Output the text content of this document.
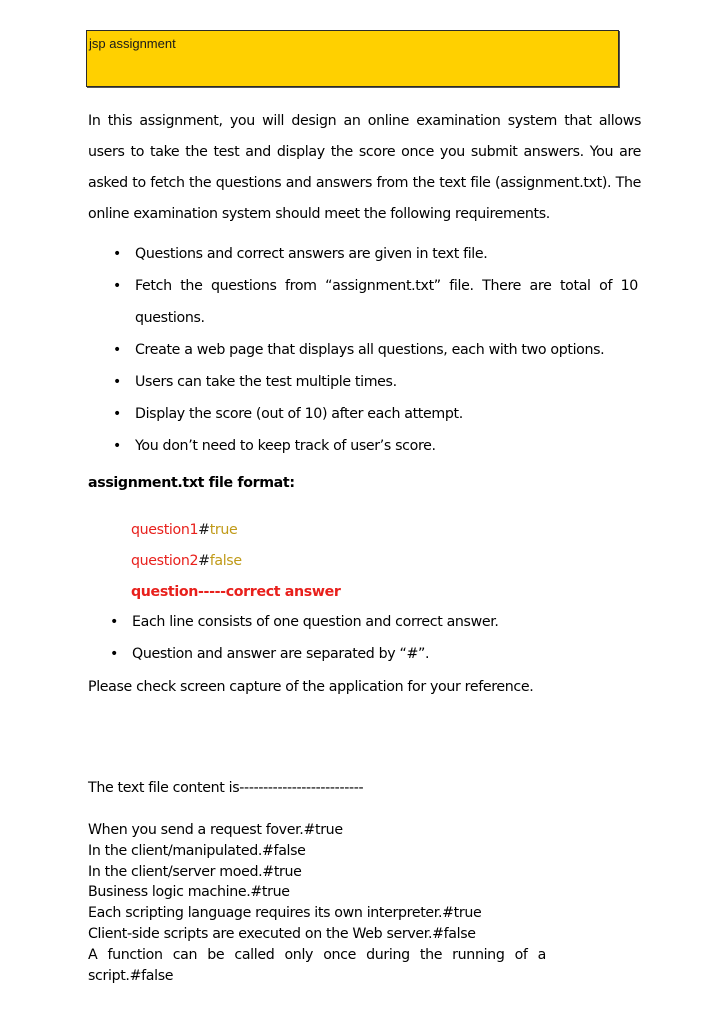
jsp assignment

In this assignment, you will design an online examination system that allows users to take the test and display the score once you submit answers. You are asked to fetch the questions and answers from the text file (assignment.txt). The online examination system should meet the following requirements.

• Questions and correct answers are given in text file.
• Fetch the questions from “assignment.txt” file. There are total of 10 questions.
• Create a web page that displays all questions, each with two options.
• Users can take the test multiple times.
• Display the score (out of 10) after each attempt.
• You don’t need to keep track of user’s score.
assignment.txt file format:
question1#true
question2#false
question-----correct answer
• Each line consists of one question and correct answer.
• Question and answer are separated by “#”.
Please check screen capture of the application for your reference.
The text file content is--------------------------
When you send a request fover.#true
In the client/manipulated.#false
In the client/server moed.#true
Business logic machine.#true
Each scripting language requires its own interpreter.#true
Client-side scripts are executed on the Web server.#false
A function can be called only once during the running of a script.#false
